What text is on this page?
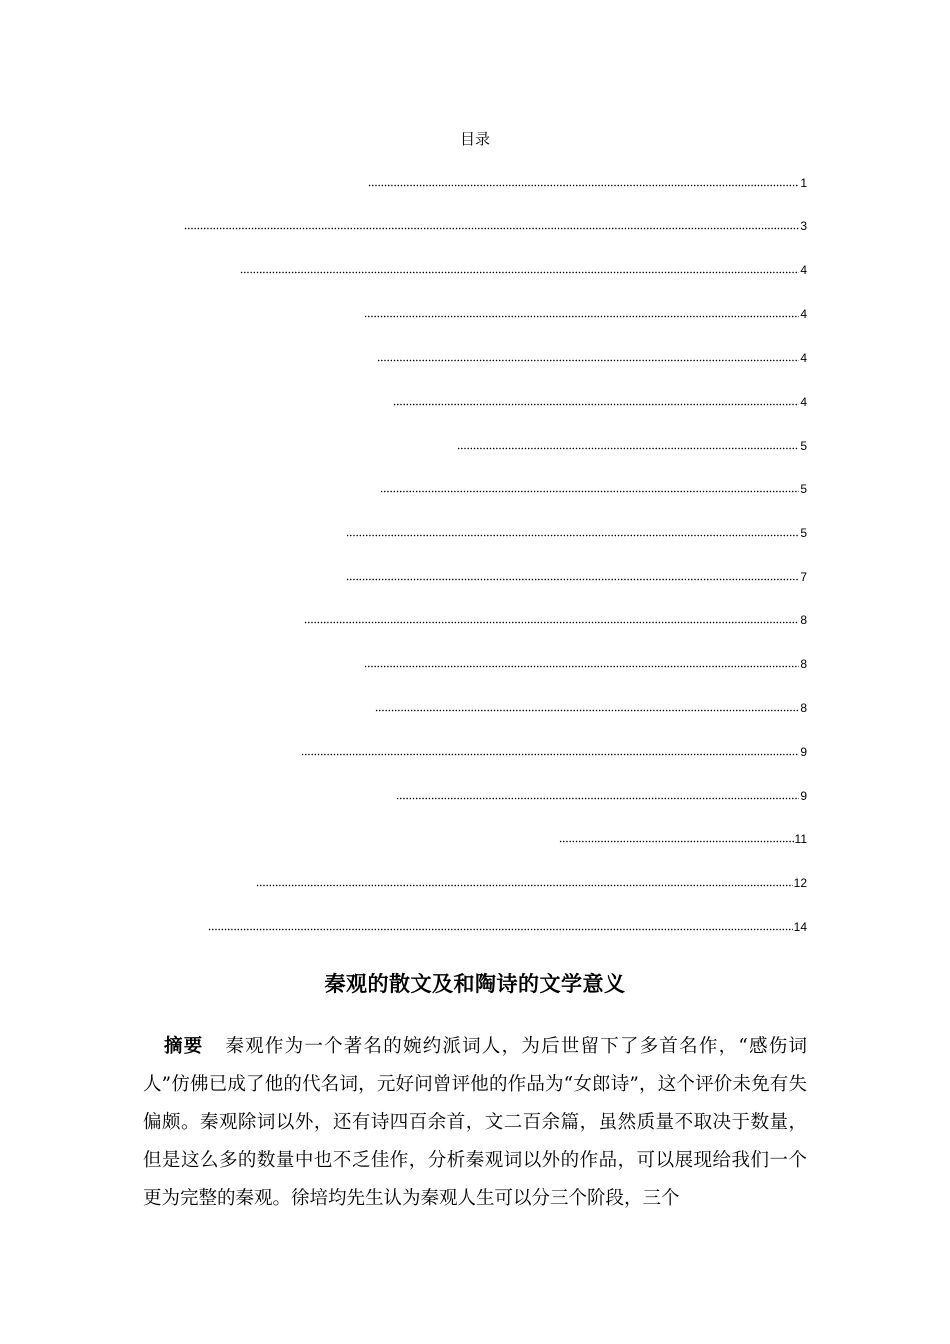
目录
1
3
4
4
4
4
5
5
5
7
8
8
8
9
9
11
12
14
秦观的散文及和陶诗的文学意义
摘要 秦观作为一个著名的婉约派词人，为后世留下了多首名作，“感伤词人”仿佛已成了他的代名词，元好问曾评他的作品为“女郎诗”，这个评价未免有失偏颇。秦观除词以外，还有诗四百余首，文二百余篇，虽然质量不取决于数量，但是这么多的数量中也不乏佳作，分析秦观词以外的作品，可以展现给我们一个更为完整的秦观。徐培均先生认为秦观人生可以分三个阶段，三个
